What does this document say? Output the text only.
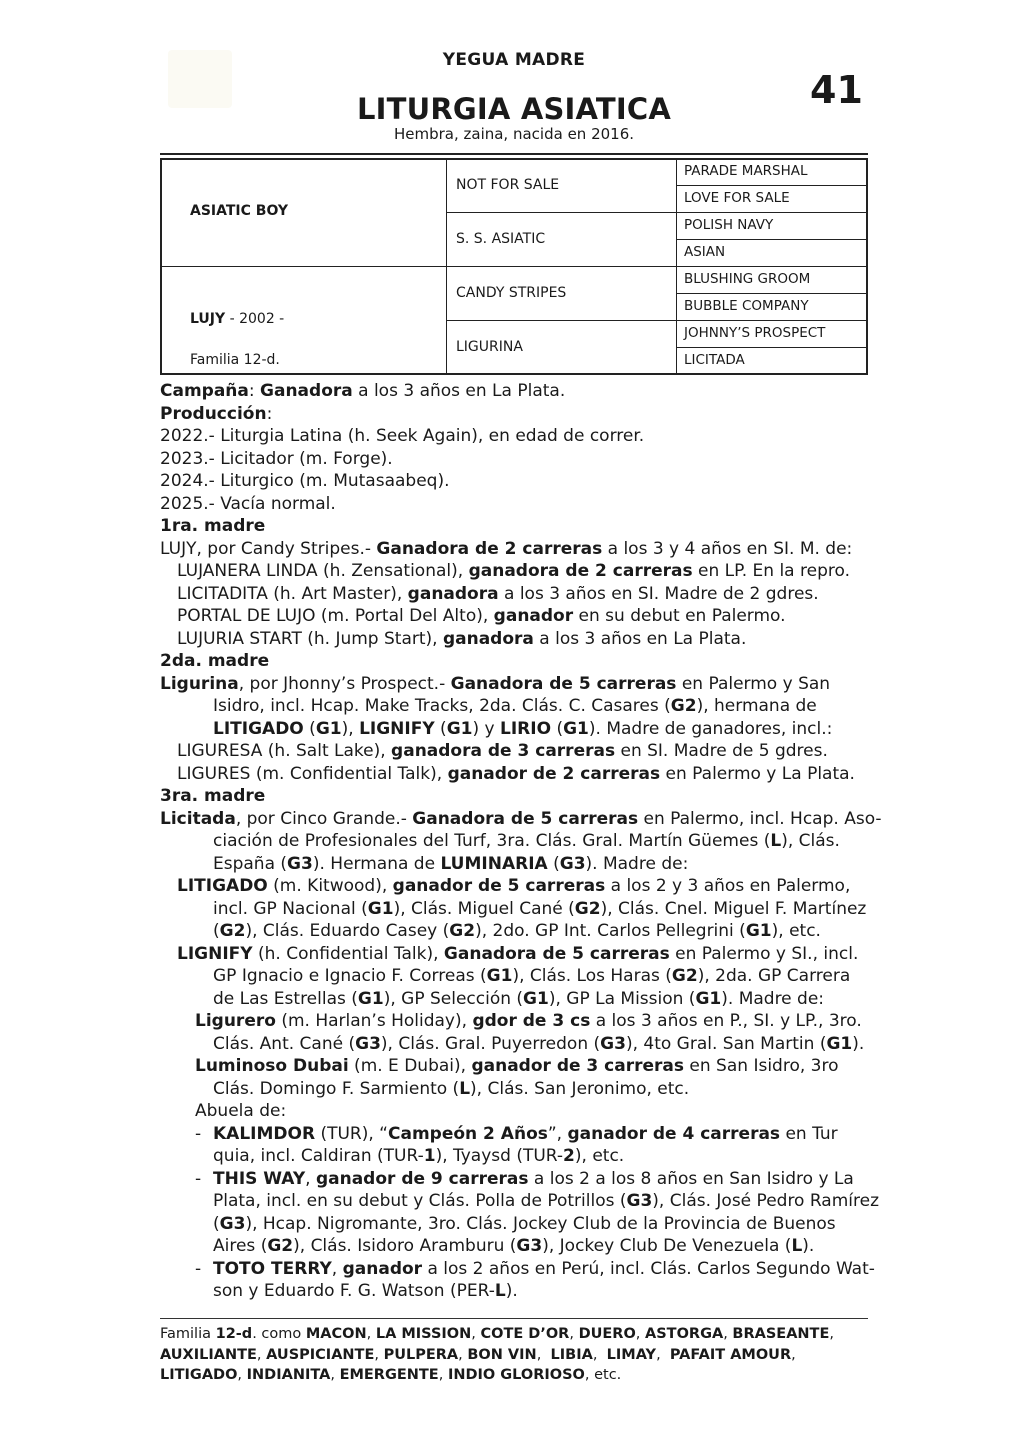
YEGUA MADRE
41
LITURGIA ASIATICA
Hembra, zaina, nacida en 2016.
ASIATIC BOY
LUJY - 2002 -
Familia 12-d.
NOT FOR SALE
S. S. ASIATIC
CANDY STRIPES
LIGURINA
PARADE MARSHAL
LOVE FOR SALE
POLISH NAVY
ASIAN
BLUSHING GROOM
BUBBLE COMPANY
JOHNNY’S PROSPECT
LICITADA
Campaña: Ganadora a los 3 años en La Plata.
Producción:
2022.- Liturgia Latina (h. Seek Again), en edad de correr.
2023.- Licitador (m. Forge).
2024.- Liturgico (m. Mutasaabeq).
2025.- Vacía normal.
1ra. madre
LUJY, por Candy Stripes.- Ganadora de 2 carreras a los 3 y 4 años en SI. M. de:
LUJANERA LINDA (h. Zensational), ganadora de 2 carreras en LP. En la repro.
LICITADITA (h. Art Master), ganadora a los 3 años en SI. Madre de 2 gdres.
PORTAL DE LUJO (m. Portal Del Alto), ganador en su debut en Palermo.
LUJURIA START (h. Jump Start), ganadora a los 3 años en La Plata.
2da. madre
Ligurina, por Jhonny’s Prospect.- Ganadora de 5 carreras en Palermo y San
Isidro, incl. Hcap. Make Tracks, 2da. Clás. C. Casares (G2), hermana de
LITIGADO (G1), LIGNIFY (G1) y LIRIO (G1). Madre de ganadores, incl.:
LIGURESA (h. Salt Lake), ganadora de 3 carreras en SI. Madre de 5 gdres.
LIGURES (m. Confidential Talk), ganador de 2 carreras en Palermo y La Plata.
3ra. madre
Licitada, por Cinco Grande.- Ganadora de 5 carreras en Palermo, incl. Hcap. Aso-
ciación de Profesionales del Turf, 3ra. Clás. Gral. Martín Güemes (L), Clás.
España (G3). Hermana de LUMINARIA (G3). Madre de:
LITIGADO (m. Kitwood), ganador de 5 carreras a los 2 y 3 años en Palermo,
incl. GP Nacional (G1), Clás. Miguel Cané (G2), Clás. Cnel. Miguel F. Martínez
(G2), Clás. Eduardo Casey (G2), 2do. GP Int. Carlos Pellegrini (G1), etc.
LIGNIFY (h. Confidential Talk), Ganadora de 5 carreras en Palermo y SI., incl.
GP Ignacio e Ignacio F. Correas (G1), Clás. Los Haras (G2), 2da. GP Carrera
de Las Estrellas (G1), GP Selección (G1), GP La Mission (G1). Madre de:
Ligurero (m. Harlan’s Holiday), gdor de 3 cs a los 3 años en P., SI. y LP., 3ro.
Clás. Ant. Cané (G3), Clás. Gral. Puyerredon (G3), 4to Gral. San Martin (G1).
Luminoso Dubai (m. E Dubai), ganador de 3 carreras en San Isidro, 3ro
Clás. Domingo F. Sarmiento (L), Clás. San Jeronimo, etc.
Abuela de:
- KALIMDOR (TUR), “Campeón 2 Años”, ganador de 4 carreras en Tur
quia, incl. Caldiran (TUR-1), Tyaysd (TUR-2), etc.
- THIS WAY, ganador de 9 carreras a los 2 a los 8 años en San Isidro y La
Plata, incl. en su debut y Clás. Polla de Potrillos (G3), Clás. José Pedro Ramírez
(G3), Hcap. Nigromante, 3ro. Clás. Jockey Club de la Provincia de Buenos
Aires (G2), Clás. Isidoro Aramburu (G3), Jockey Club De Venezuela (L).
- TOTO TERRY, ganador a los 2 años en Perú, incl. Clás. Carlos Segundo Wat-
son y Eduardo F. G. Watson (PER-L).
Familia 12-d. como MACON, LA MISSION, COTE D’OR, DUERO, ASTORGA, BRASEANTE,
AUXILIANTE, AUSPICIANTE, PULPERA, BON VIN,  LIBIA,  LIMAY,  PAFAIT AMOUR,
LITIGADO, INDIANITA, EMERGENTE, INDIO GLORIOSO, etc.
